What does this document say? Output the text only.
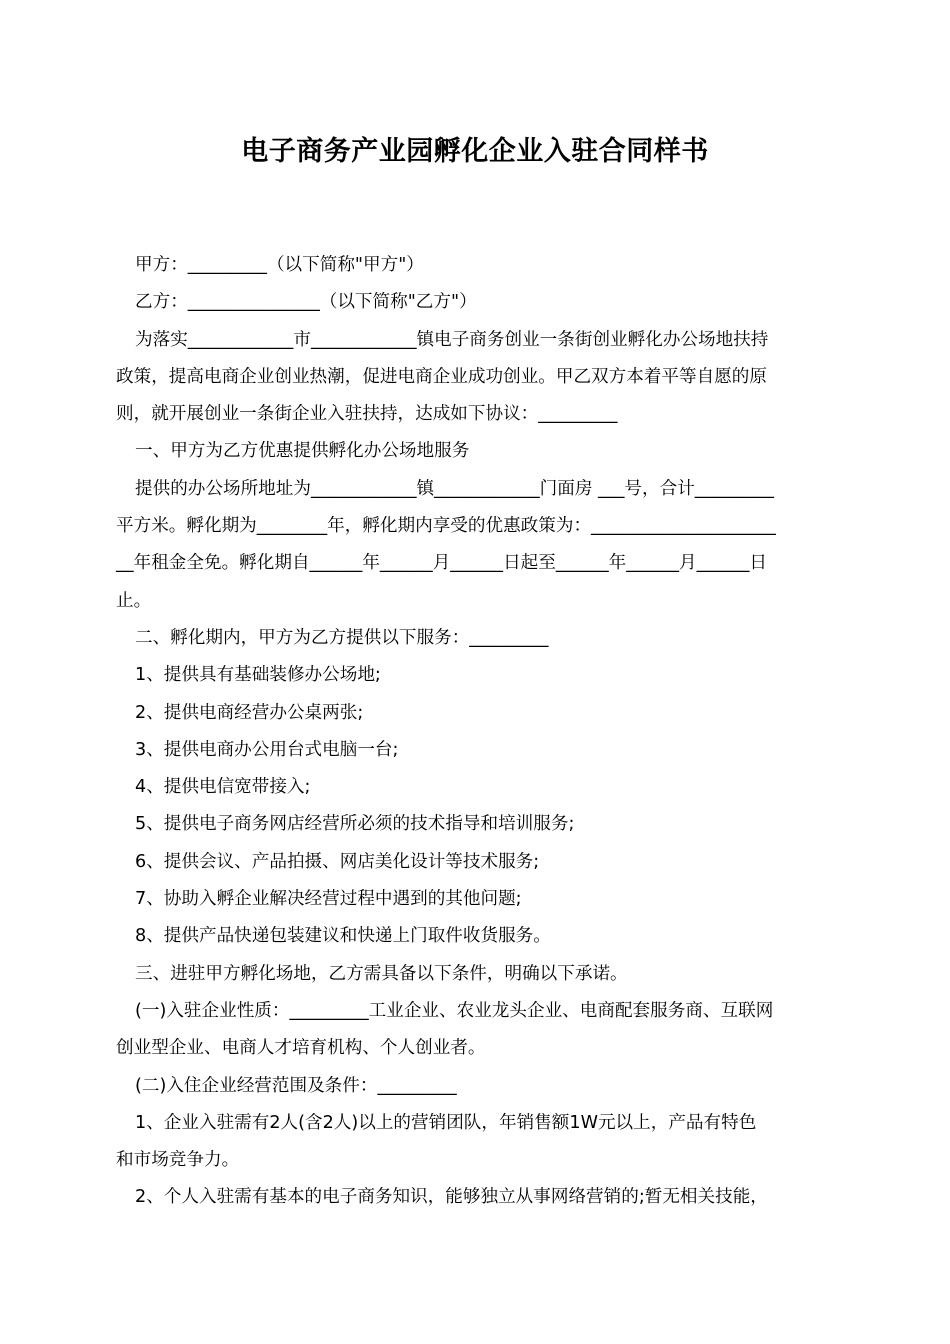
电子商务产业园孵化企业入驻合同样书

甲方：_________（以下简称"甲方"）

乙方：_______________（以下简称"乙方"）

为落实____________市____________镇电子商务创业一条街创业孵化办公场地扶持

政策，提高电商企业创业热潮，促进电商企业成功创业。甲乙双方本着平等自愿的原

则，就开展创业一条街企业入驻扶持，达成如下协议：_________

一、甲方为乙方优惠提供孵化办公场地服务

提供的办公场所地址为____________镇____________门面房 ___号，合计_________

平方米。孵化期为________年，孵化期内享受的优惠政策为：_____________________

__年租金全免。孵化期自______年______月______日起至______年______月______日

止。

二、孵化期内，甲方为乙方提供以下服务：_________

1、提供具有基础装修办公场地;

2、提供电商经营办公桌两张;

3、提供电商办公用台式电脑一台;

4、提供电信宽带接入;

5、提供电子商务网店经营所必须的技术指导和培训服务;

6、提供会议、产品拍摄、网店美化设计等技术服务;

7、协助入孵企业解决经营过程中遇到的其他问题;

8、提供产品快递包装建议和快递上门取件收货服务。

三、进驻甲方孵化场地，乙方需具备以下条件，明确以下承诺。

(一)入驻企业性质：_________工业企业、农业龙头企业、电商配套服务商、互联网

创业型企业、电商人才培育机构、个人创业者。

(二)入住企业经营范围及条件：_________

1、企业入驻需有2人(含2人)以上的营销团队，年销售额1W元以上，产品有特色

和市场竞争力。

2、个人入驻需有基本的电子商务知识，能够独立从事网络营销的;暂无相关技能，
